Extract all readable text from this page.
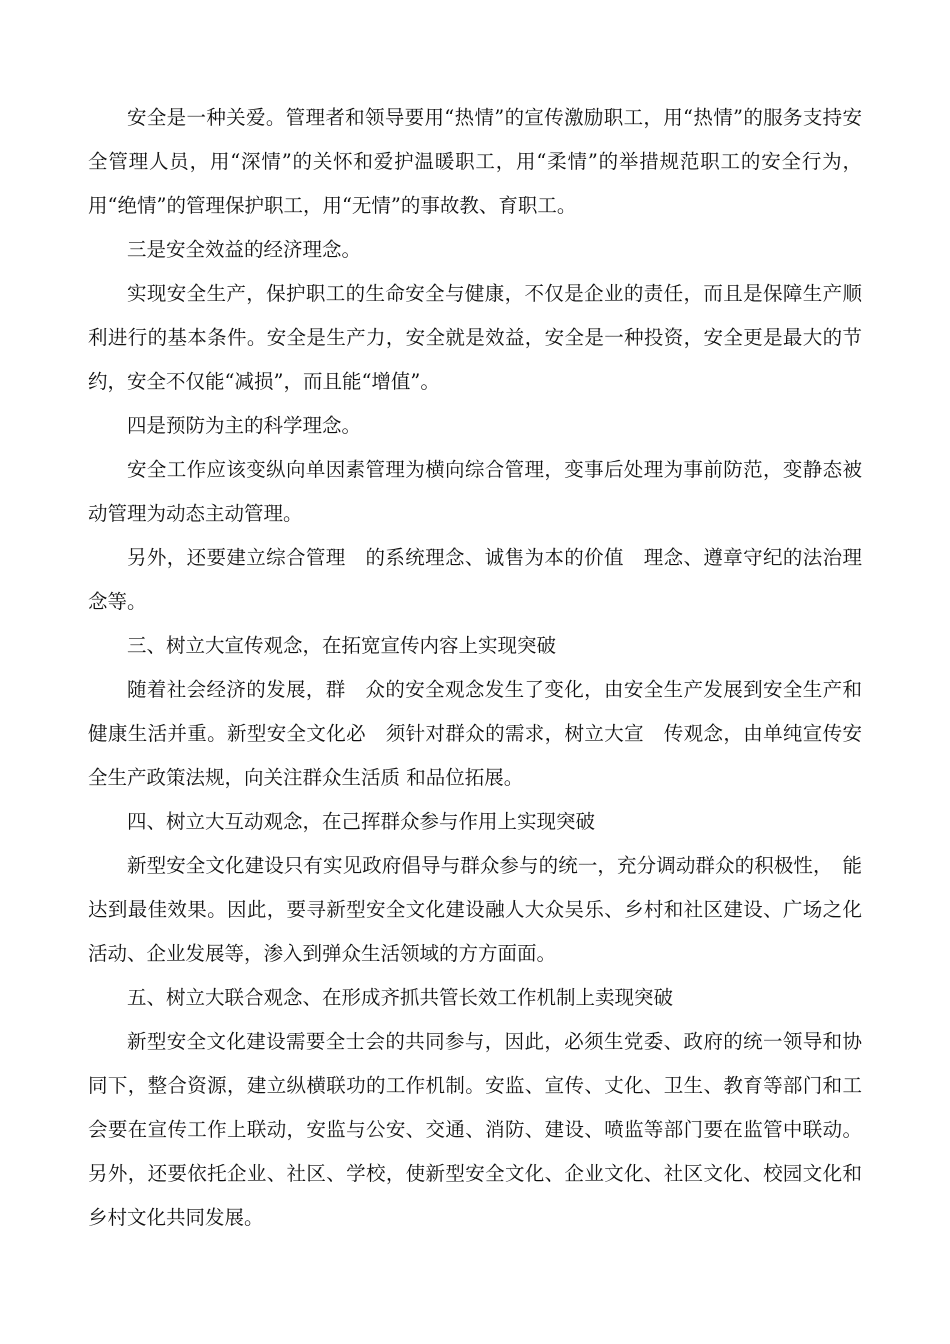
安全是一种关爱。管理者和领导要用“热情”的宣传激励职工，用“热情”的服务支持安全管理人员，用“深情”的关怀和爱护温暖职工，用“柔情”的举措规范职工的安全行为，用“绝情”的管理保护职工，用“无情”的事故教、育职工。

三是安全效益的经济理念。

实现安全生产，保护职工的生命安全与健康，不仅是企业的责任，而且是保障生产顺利进行的基本条件。安全是生产力，安全就是效益，安全是一种投资，安全更是最大的节约，安全不仅能“减损”，而且能“增值”。

四是预防为主的科学理念。

安全工作应该变纵向单因素管理为横向综合管理，变事后处理为事前防范，变静态被动管理为动态主动管理。

另外，还要建立综合管理　的系统理念、诚售为本的价值　理念、遵章守纪的法治理念等。

三、树立大宣传观念，在拓宽宣传内容上实现突破

随着社会经济的发展，群　众的安全观念发生了变化，由安全生产发展到安全生产和健康生活并重。新型安全文化必　须针对群众的需求，树立大宣　传观念，由单纯宣传安全生产政策法规，向关注群众生活质 和品位拓展。

四、树立大互动观念，在己挥群众参与作用上实现突破

新型安全文化建设只有实见政府倡导与群众参与的统一，充分调动群众的积极性，　能达到最佳效果。因此，要寻新型安全文化建设融人大众吴乐、乡村和社区建设、广场之化活动、企业发展等，渗入到弹众生活领域的方方面面。

五、树立大联合观念、在形成齐抓共管长效工作机制上卖现突破

新型安全文化建设需要全士会的共同参与，因此，必须生党委、政府的统一领导和协同下，整合资源，建立纵横联功的工作机制。安监、宣传、丈化、卫生、教育等部门和工会要在宣传工作上联动，安监与公安、交通、消防、建设、喷监等部门要在监管中联动。另外，还要依托企业、社区、学校，使新型安全文化、企业文化、社区文化、校园文化和乡村文化共同发展。
